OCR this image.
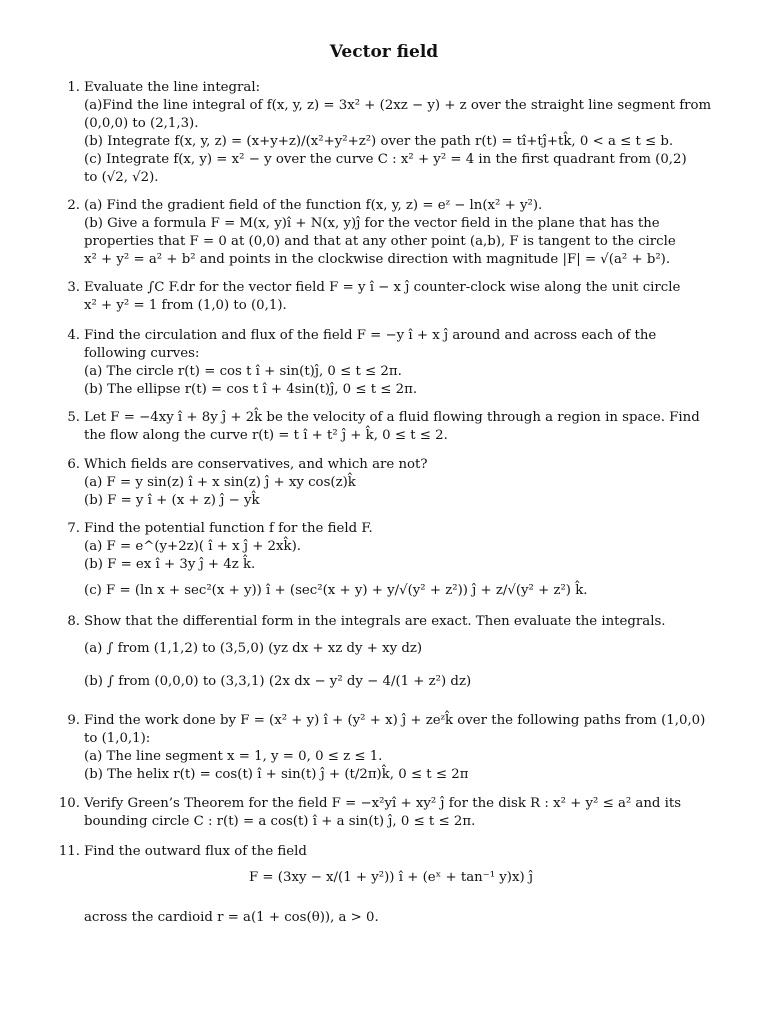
Vector field
1. Evaluate the line integral:
(a)Find the line integral of f(x, y, z) = 3x² + (2xz − y) + z over the straight line segment from
(0,0,0) to (2,1,3).
(b) Integrate f(x, y, z) = (x+y+z)/(x²+y²+z²) over the path r(t) = tî+tĵ+tk̂, 0 < a ≤ t ≤ b.
(c) Integrate f(x, y) = x² − y over the curve C : x² + y² = 4 in the first quadrant from (0,2)
to (√2, √2).
2. (a) Find the gradient field of the function f(x, y, z) = eᶻ − ln(x² + y²).
(b) Give a formula F = M(x, y)î + N(x, y)ĵ for the vector field in the plane that has the
properties that F = 0 at (0,0) and that at any other point (a,b), F is tangent to the circle
x² + y² = a² + b² and points in the clockwise direction with magnitude |F| = √(a² + b²).
3. Evaluate ∫C F.dr for the vector field F = y î − x ĵ counter-clock wise along the unit circle
x² + y² = 1 from (1,0) to (0,1).
4. Find the circulation and flux of the field F = −y î + x ĵ around and across each of the
following curves:
(a) The circle r(t) = cos t î + sin(t)ĵ, 0 ≤ t ≤ 2π.
(b) The ellipse r(t) = cos t î + 4sin(t)ĵ, 0 ≤ t ≤ 2π.
5. Let F = −4xy î + 8y ĵ + 2k̂ be the velocity of a fluid flowing through a region in space. Find
the flow along the curve r(t) = t î + t² ĵ + k̂, 0 ≤ t ≤ 2.
6. Which fields are conservatives, and which are not?
(a) F = y sin(z) î + x sin(z) ĵ + xy cos(z)k̂
(b) F = y î + (x + z) ĵ − yk̂
7. Find the potential function f for the field F.
(a) F = e^(y+2z)( î + x ĵ + 2xk̂).
(b) F = ex î + 3y ĵ + 4z k̂.
(c) F = (ln x + sec²(x + y)) î + (sec²(x + y) + y/√(y² + z²)) ĵ + z/√(y² + z²) k̂.
8. Show that the differential form in the integrals are exact. Then evaluate the integrals.
(a) ∫ from (1,1,2) to (3,5,0) (yz dx + xz dy + xy dz)
(b) ∫ from (0,0,0) to (3,3,1) (2x dx − y² dy − 4/(1 + z²) dz)
9. Find the work done by F = (x² + y) î + (y² + x) ĵ + zeᶻk̂ over the following paths from (1,0,0)
to (1,0,1):
(a) The line segment x = 1, y = 0, 0 ≤ z ≤ 1.
(b) The helix r(t) = cos(t) î + sin(t) ĵ + (t/2π)k̂, 0 ≤ t ≤ 2π
10. Verify Green’s Theorem for the field F = −x²yî + xy² ĵ for the disk R : x² + y² ≤ a² and its
bounding circle C : r(t) = a cos(t) î + a sin(t) ĵ, 0 ≤ t ≤ 2π.
11. Find the outward flux of the field
F = (3xy − x/(1 + y²)) î + (eˣ + tan⁻¹ y)x) ĵ
across the cardioid r = a(1 + cos(θ)), a > 0.
